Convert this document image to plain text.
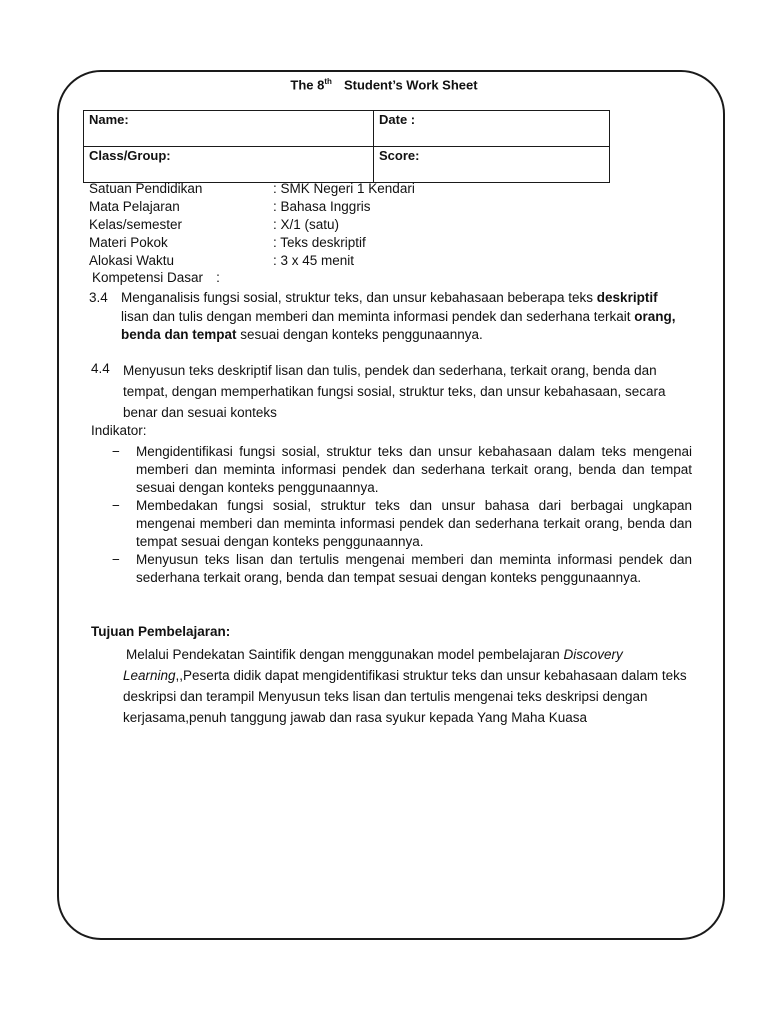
The 8th Student’s Work Sheet
Name:	Date :
Class/Group:	Score:
Satuan Pendidikan	: SMK Negeri 1 Kendari
Mata Pelajaran	: Bahasa Inggris
Kelas/semester	: X/1 (satu)
Materi Pokok	: Teks deskriptif
Alokasi Waktu	: 3 x 45 menit
Kompetensi Dasar :
3.4 Menganalisis fungsi sosial, struktur teks, dan unsur kebahasaan beberapa teks deskriptif lisan dan tulis dengan memberi dan meminta informasi pendek dan sederhana terkait orang, benda dan tempat sesuai dengan konteks penggunaannya.
4.4 Menyusun teks deskriptif lisan dan tulis, pendek dan sederhana, terkait orang, benda dan tempat, dengan memperhatikan fungsi sosial, struktur teks, dan unsur kebahasaan, secara benar dan sesuai konteks
Indikator:
− Mengidentifikasi fungsi sosial, struktur teks dan unsur kebahasaan dalam teks mengenai memberi dan meminta informasi pendek dan sederhana terkait orang, benda dan tempat sesuai dengan konteks penggunaannya.
− Membedakan fungsi sosial, struktur teks dan unsur bahasa dari berbagai ungkapan mengenai memberi dan meminta informasi pendek dan sederhana terkait orang, benda dan tempat sesuai dengan konteks penggunaannya.
− Menyusun teks lisan dan tertulis mengenai memberi dan meminta informasi pendek dan sederhana terkait orang, benda dan tempat sesuai dengan konteks penggunaannya.
Tujuan Pembelajaran:
Melalui Pendekatan Saintifik dengan menggunakan model pembelajaran Discovery Learning,,Peserta didik dapat mengidentifikasi struktur teks dan unsur kebahasaan dalam teks deskripsi dan terampil Menyusun teks lisan dan tertulis mengenai teks deskripsi dengan kerjasama,penuh tanggung jawab dan rasa syukur kepada Yang Maha Kuasa
